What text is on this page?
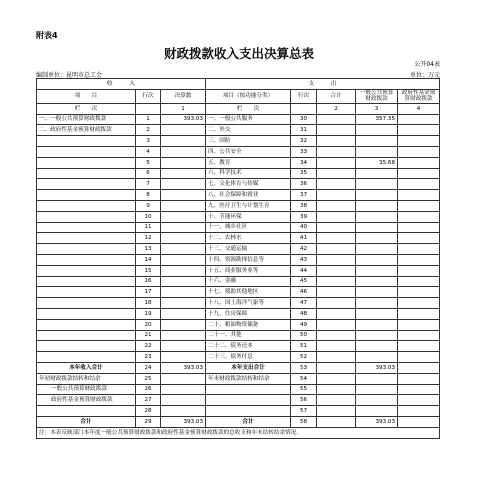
附表4
财政拨款收入支出决算总表
公开04表
编制单位：昆明市总工会	单位：万元
收　　　入			支　　　出				
项　　目	行次	决算数	项目（按功能分类）	行次	合计	一般公共预算财政拨款	政府性基金预算财政拨款
栏　　次		1	栏　　次		2	3	4
一、一般公共预算财政拨款	1	393.03	一、一般公共服务	30		357.35	
二、政府性基金预算财政拨款	2		二、外交	31			
	3		三、国防	32			
	4		四、公共安全	33			
	5		五、教育	34		35.68	
	6		六、科学技术	35			
	7		七、文化体育与传媒	36			
	8		八、社会保障和就业	37			
	9		九、医疗卫生与计划生育	38			
	10		十、节能环保	39			
	11		十一、城乡社区	40			
	12		十二、农林水	41			
	13		十三、交通运输	42			
	14		十四、资源勘探信息等	43			
	15		十五、商业服务业等	44			
	16		十六、金融	45			
	17		十七、援助其他地区	46			
	18		十八、国土海洋气象等	47			
	19		十九、住房保障	48			
	20		二十、粮油物资储备	49			
	21		二十一、其他	50			
	22		二十二、债务还本	51			
	23		二十三、债务付息	52			
本年收入合计	24	393.03	本年支出合计	53		393.03	
年初财政拨款结转和结余	25		年末财政拨款结转和结余	54			
一般公共预算财政拨款	26			55			
政府性基金预算财政拨款	27			56			
	28			57			
合计	29	393.03	合计	58		393.03	
注：本表反映部门本年度一般公共预算财政拨款和政府性基金预算财政拨款的总收支和年末结转结余情况。							
